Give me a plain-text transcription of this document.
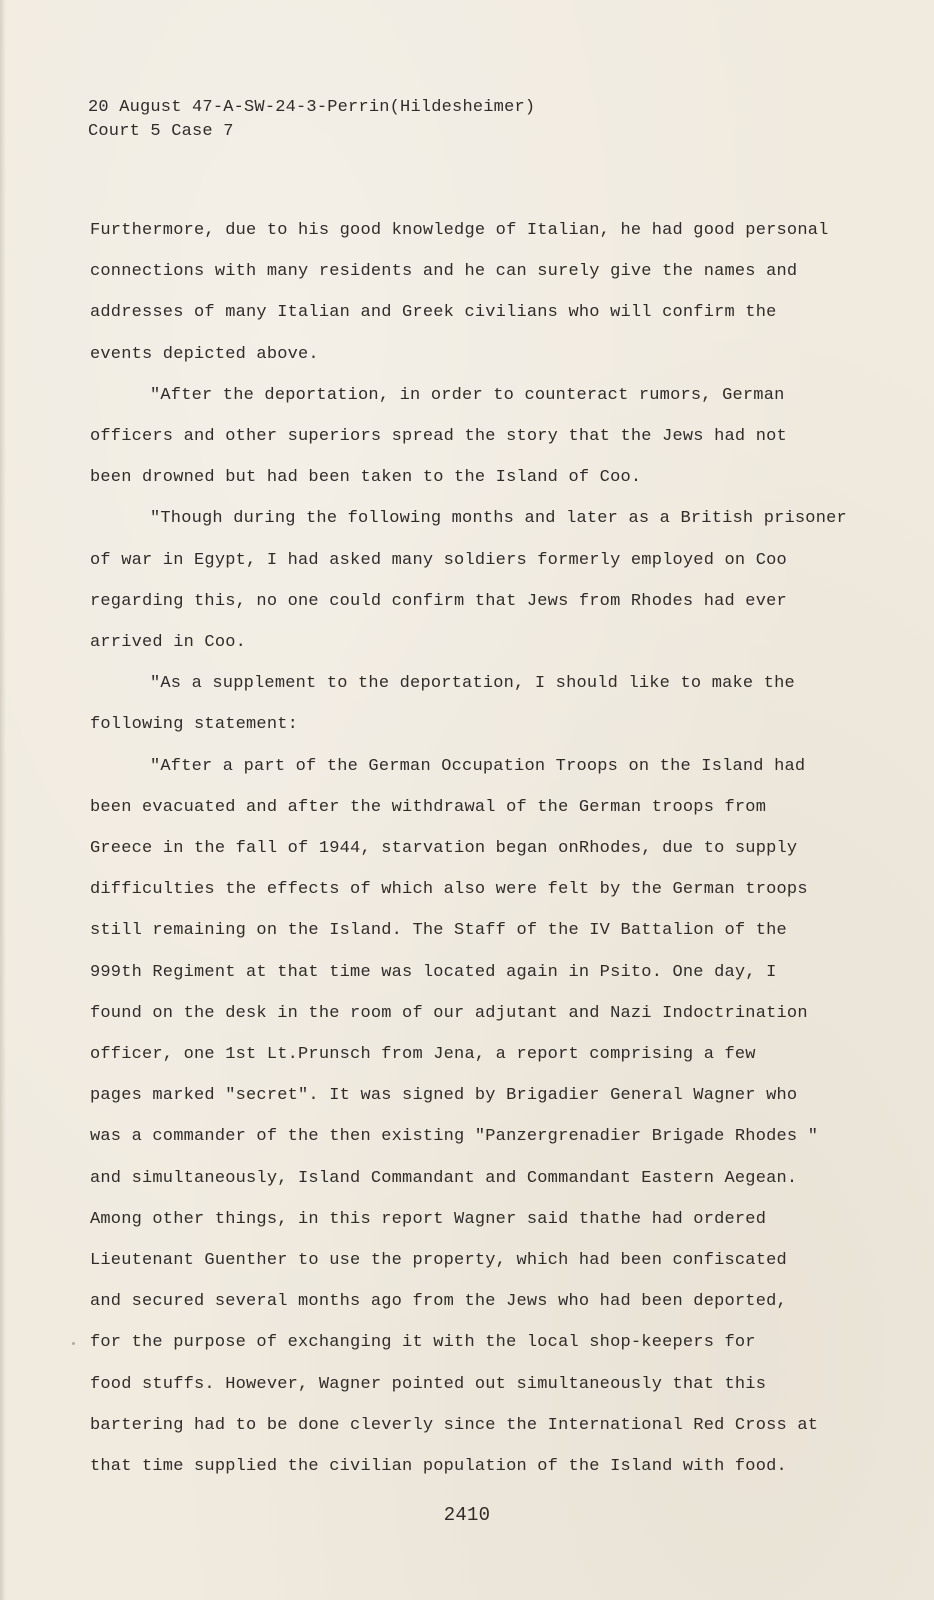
20 August 47-A-SW-24-3-Perrin(Hildesheimer)
Court 5 Case 7
Furthermore, due to his good knowledge of Italian, he had good personal
connections with many residents and he can surely give the names and
addresses of many Italian and Greek civilians who will confirm the
events depicted above.
"After the deportation, in order to counteract rumors, German
officers and other superiors spread the story that the Jews had not
been drowned but had been taken to the Island of Coo.
"Though during the following months and later as a British prisoner
of war in Egypt, I had asked many soldiers formerly employed on Coo
regarding this, no one could confirm that Jews from Rhodes had ever
arrived in Coo.
"As a supplement to the deportation, I should like to make the
following statement:
"After a part of the German Occupation Troops on the Island had
been evacuated and after the withdrawal of the German troops from
Greece in the fall of 1944, starvation began onRhodes, due to supply
difficulties the effects of which also were felt by the German troops
still remaining on the Island. The Staff of the IV Battalion of the
999th Regiment at that time was located again in Psito. One day, I
found on the desk in the room of our adjutant and Nazi Indoctrination
officer, one 1st Lt.Prunsch from Jena, a report comprising a few
pages marked "secret". It was signed by Brigadier General Wagner who
was a commander of the then existing "Panzergrenadier Brigade Rhodes "
and simultaneously, Island Commandant and Commandant Eastern Aegean.
Among other things, in this report Wagner said thathe had ordered
Lieutenant Guenther to use the property, which had been confiscated
and secured several months ago from the Jews who had been deported,
for the purpose of exchanging it with the local shop-keepers for
food stuffs. However, Wagner pointed out simultaneously that this
bartering had to be done cleverly since the International Red Cross at
that time supplied the civilian population of the Island with food.
2410
